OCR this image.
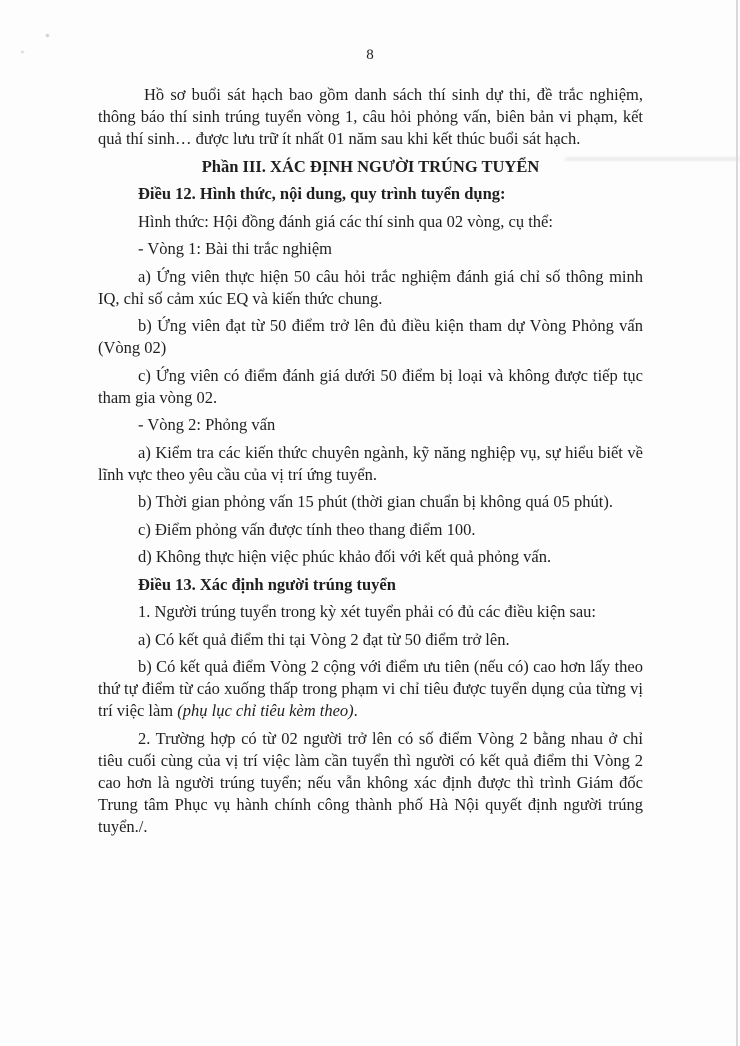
8

Hồ sơ buổi sát hạch bao gồm danh sách thí sinh dự thi, đề trắc nghiệm, thông báo thí sinh trúng tuyển vòng 1, câu hỏi phỏng vấn, biên bản vi phạm, kết quả thí sinh… được lưu trữ ít nhất 01 năm sau khi kết thúc buổi sát hạch.

Phần III. XÁC ĐỊNH NGƯỜI TRÚNG TUYỂN

Điều 12. Hình thức, nội dung, quy trình tuyển dụng:

Hình thức: Hội đồng đánh giá các thí sinh qua 02 vòng, cụ thể:

- Vòng 1: Bài thi trắc nghiệm

a) Ứng viên thực hiện 50 câu hỏi trắc nghiệm đánh giá chỉ số thông minh IQ, chỉ số cảm xúc EQ và kiến thức chung.

b) Ứng viên đạt từ 50 điểm trở lên đủ điều kiện tham dự Vòng Phỏng vấn (Vòng 02)

c) Ứng viên có điểm đánh giá dưới 50 điểm bị loại và không được tiếp tục tham gia vòng 02.

- Vòng 2: Phỏng vấn

a) Kiểm tra các kiến thức chuyên ngành, kỹ năng nghiệp vụ, sự hiểu biết về lĩnh vực theo yêu cầu của vị trí ứng tuyển.

b) Thời gian phỏng vấn 15 phút (thời gian chuẩn bị không quá 05 phút).

c) Điểm phỏng vấn được tính theo thang điểm 100.

d) Không thực hiện việc phúc khảo đối với kết quả phỏng vấn.

Điều 13. Xác định người trúng tuyển

1. Người trúng tuyển trong kỳ xét tuyển phải có đủ các điều kiện sau:

a) Có kết quả điểm thi tại Vòng 2 đạt từ 50 điểm trở lên.

b) Có kết quả điểm Vòng 2 cộng với điểm ưu tiên (nếu có) cao hơn lấy theo thứ tự điểm từ cáo xuống thấp trong phạm vi chỉ tiêu được tuyển dụng của từng vị trí việc làm (phụ lục chỉ tiêu kèm theo).

2. Trường hợp có từ 02 người trở lên có số điểm Vòng 2 bằng nhau ở chỉ tiêu cuối cùng của vị trí việc làm cần tuyển thì người có kết quả điểm thi Vòng 2 cao hơn là người trúng tuyển; nếu vẫn không xác định được thì trình Giám đốc Trung tâm Phục vụ hành chính công thành phố Hà Nội quyết định người trúng tuyển./.
